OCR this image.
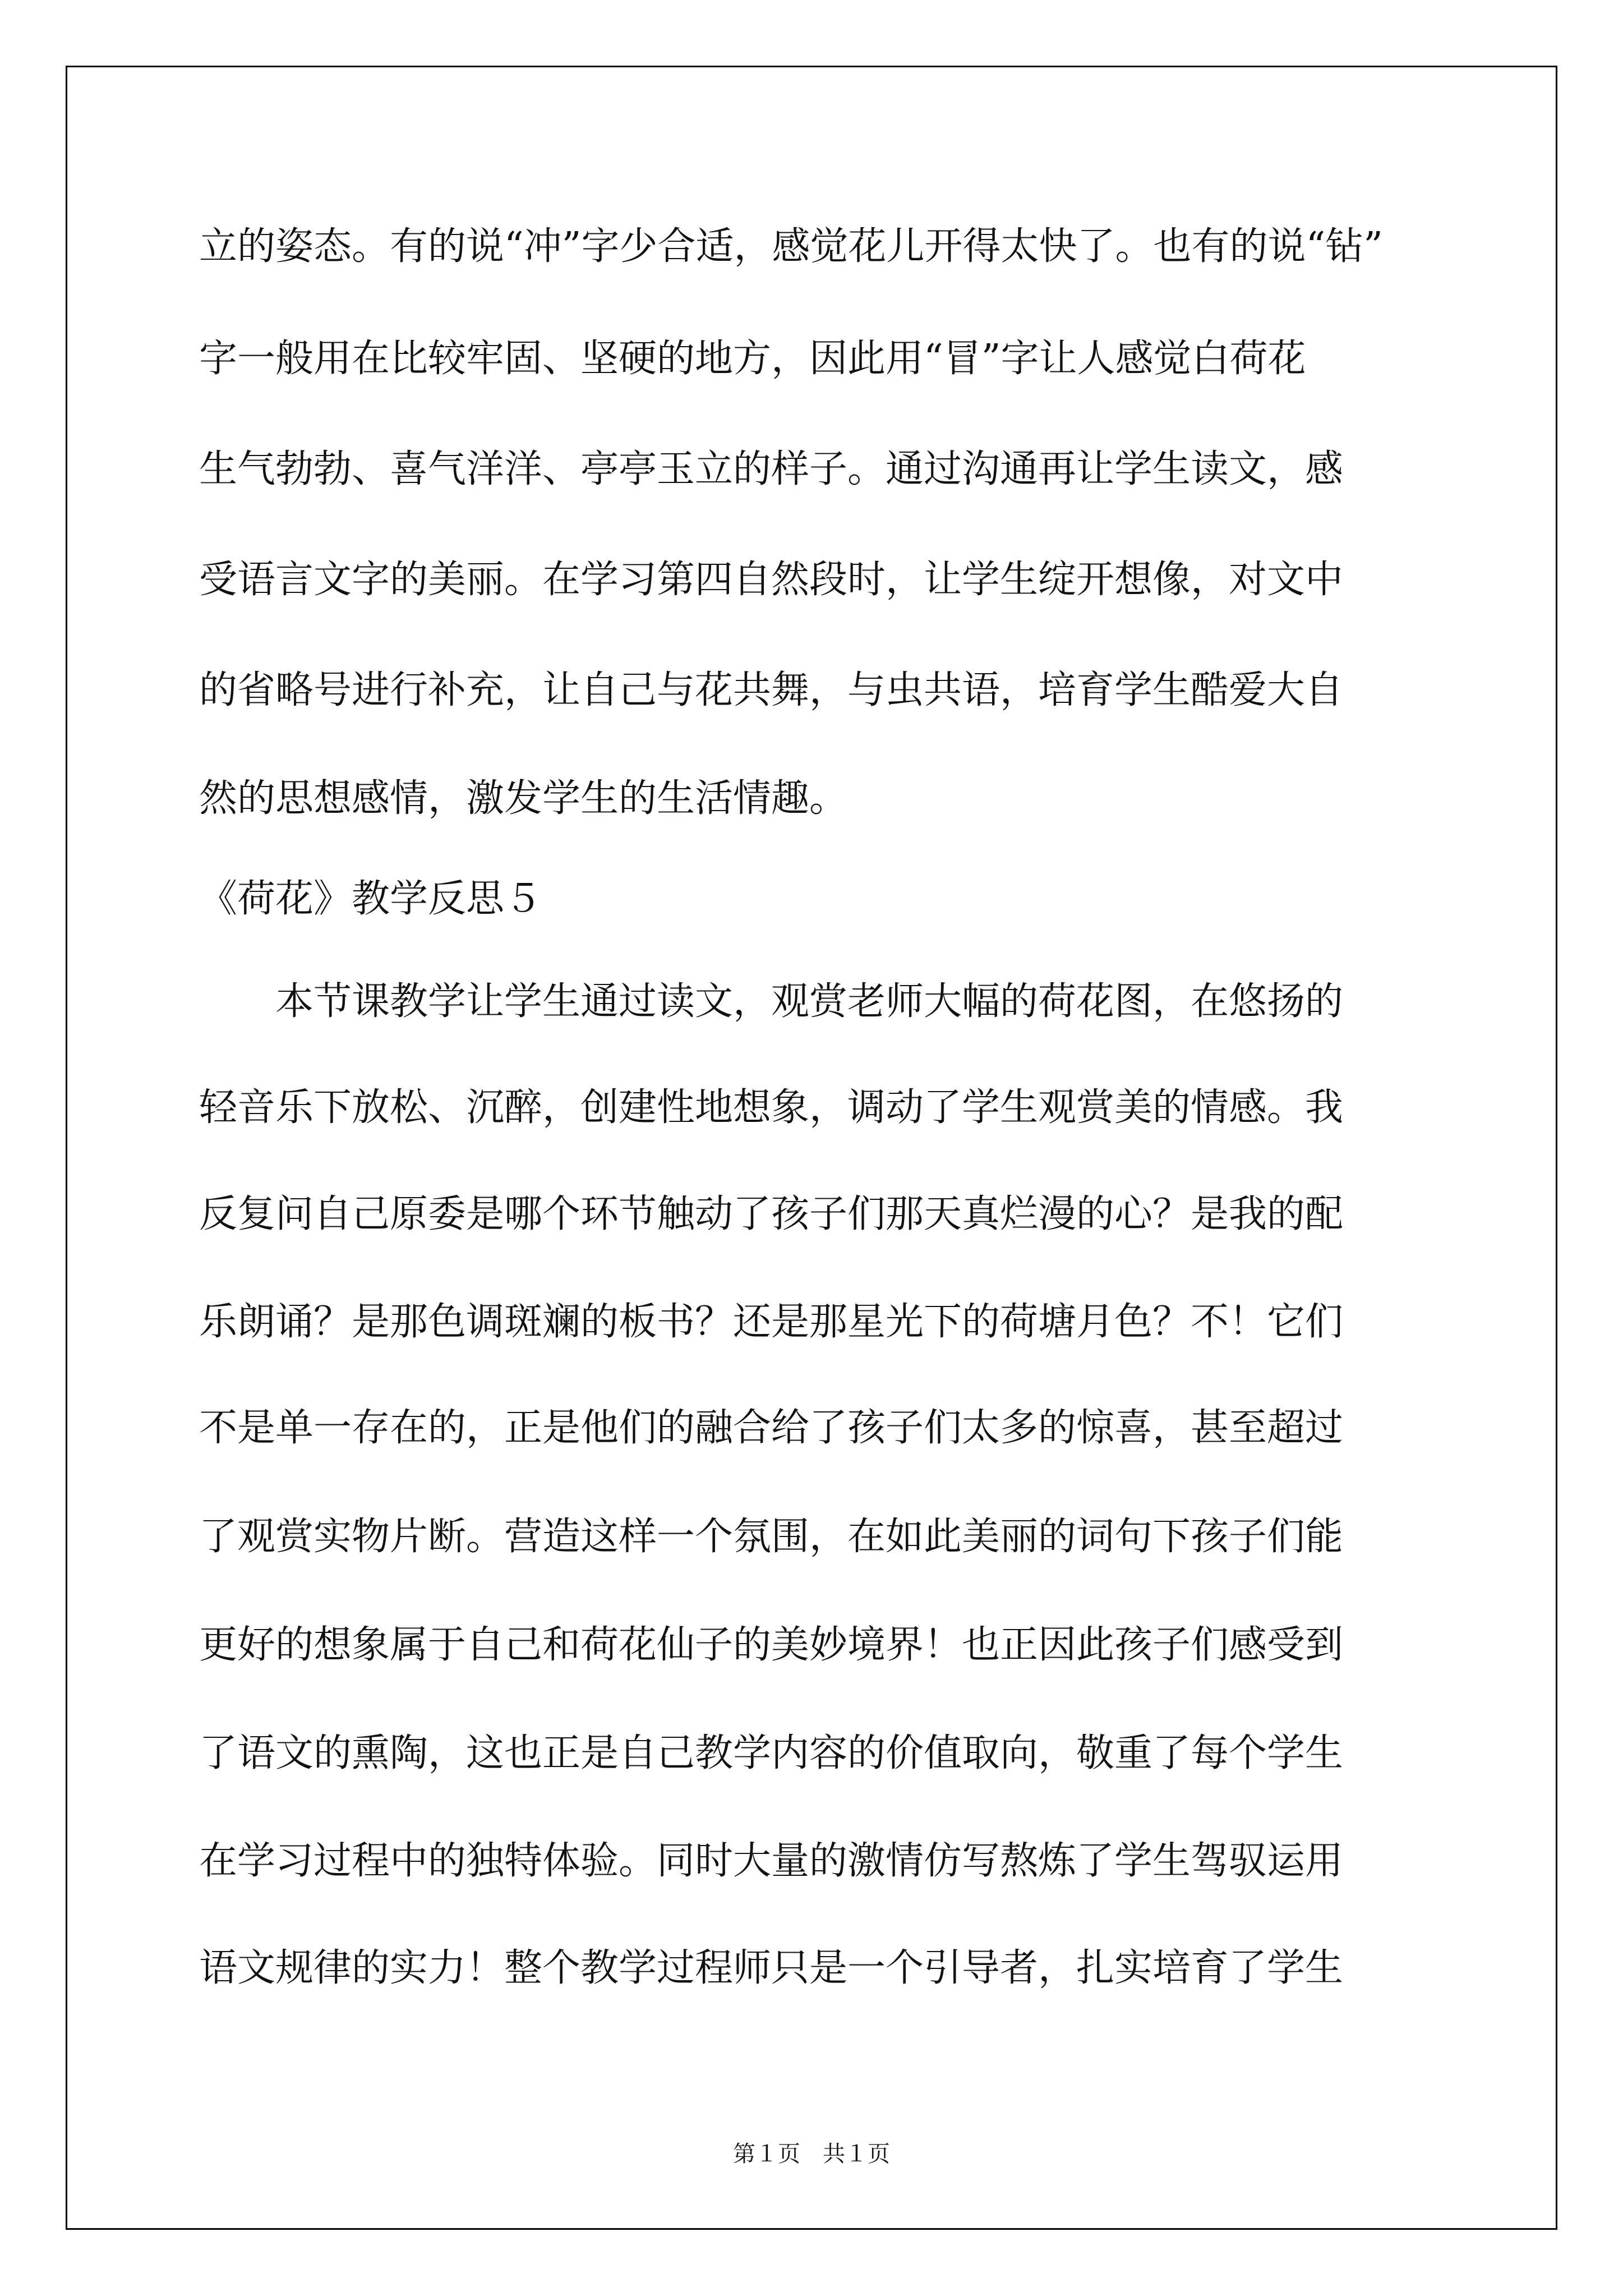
立的姿态。有的说“冲”字少合适，感觉花儿开得太快了。也有的说“钻”
字一般用在比较牢固、坚硬的地方，因此用“冒”字让人感觉白荷花
生气勃勃、喜气洋洋、亭亭玉立的样子。通过沟通再让学生读文，感
受语言文字的美丽。在学习第四自然段时，让学生绽开想像，对文中
的省略号进行补充，让自己与花共舞，与虫共语，培育学生酷爱大自
然的思想感情，激发学生的生活情趣。
《荷花》教学反思５
　　本节课教学让学生通过读文，观赏老师大幅的荷花图，在悠扬的
轻音乐下放松、沉醉，创建性地想象，调动了学生观赏美的情感。我
反复问自己原委是哪个环节触动了孩子们那天真烂漫的心？是我的配
乐朗诵？是那色调斑斓的板书？还是那星光下的荷塘月色？不！它们
不是单一存在的，正是他们的融合给了孩子们太多的惊喜，甚至超过
了观赏实物片断。营造这样一个氛围，在如此美丽的词句下孩子们能
更好的想象属于自己和荷花仙子的美妙境界！也正因此孩子们感受到
了语文的熏陶，这也正是自己教学内容的价值取向，敬重了每个学生
在学习过程中的独特体验。同时大量的激情仿写熬炼了学生驾驭运用
语文规律的实力！整个教学过程师只是一个引导者，扎实培育了学生
第１页　共１页
